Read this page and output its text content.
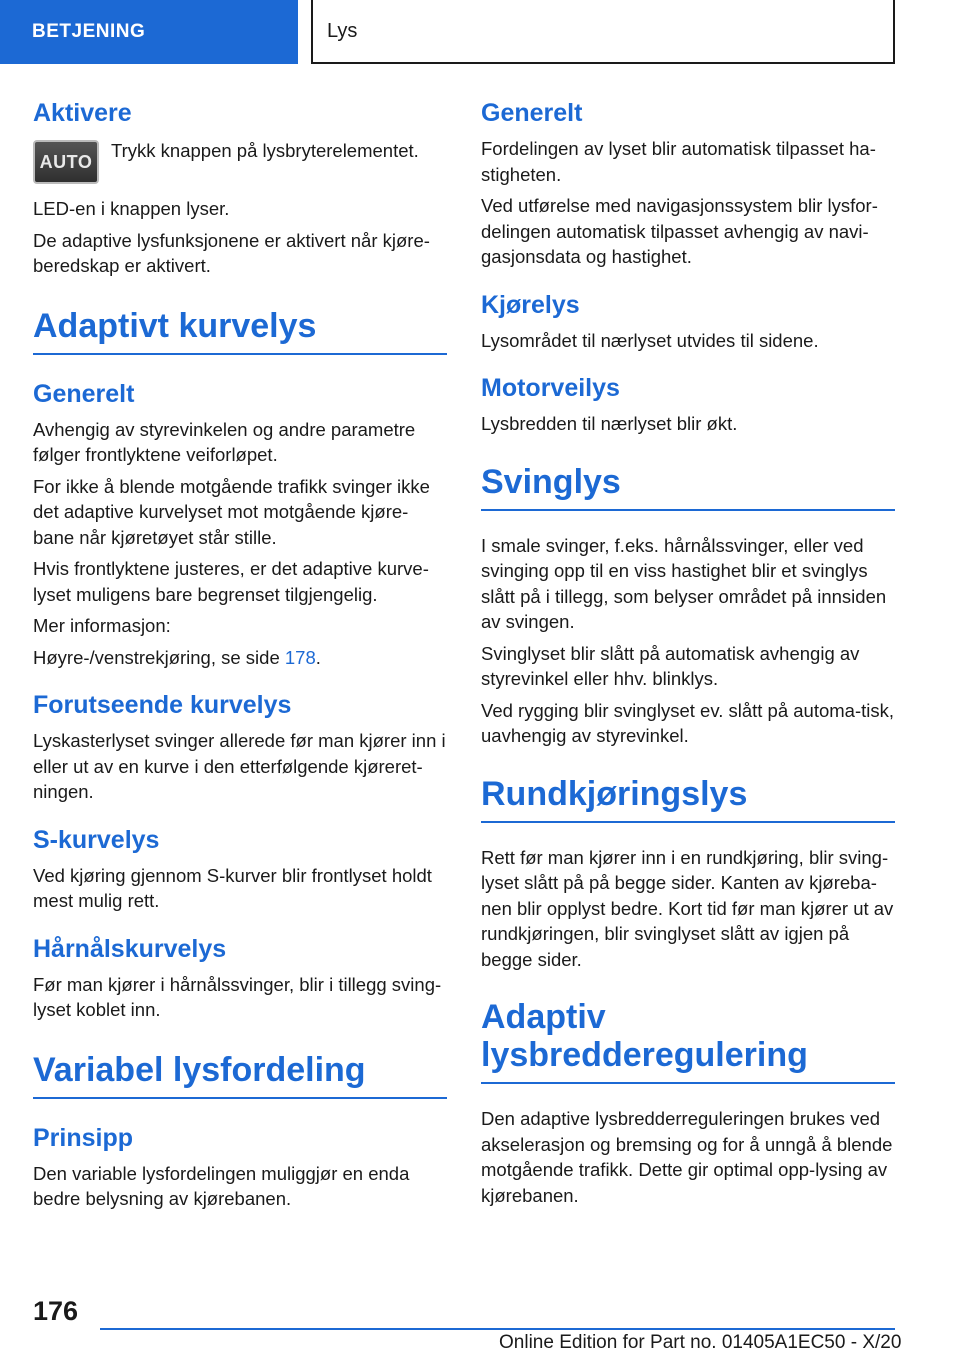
BETJENING	Lys
Aktivere
AUTO

Trykk knappen på lysbryterelementet.

LED-en i knappen lyser.

De adaptive lysfunksjonene er aktivert når kjøre-beredskap er aktivert.

Adaptivt kurvelys
Generelt

Avhengig av styrevinkelen og andre parametre følger frontlyktene veiforløpet.

For ikke å blende motgående trafikk svinger ikke det adaptive kurvelyset mot motgående kjøre-bane når kjøretøyet står stille.

Hvis frontlyktene justeres, er det adaptive kurve-lyset muligens bare begrenset tilgjengelig.

Mer informasjon:

Høyre-/venstrekjøring, se side 178.

Forutseende kurvelys

Lyskasterlyset svinger allerede før man kjører inn i eller ut av en kurve i den etterfølgende kjøreret-ningen.

S-kurvelys

Ved kjøring gjennom S-kurver blir frontlyset holdt mest mulig rett.

Hårnålskurvelys

Før man kjører i hårnålssvinger, blir i tillegg sving-lyset koblet inn.

Variabel lysfordeling
Prinsipp

Den variable lysfordelingen muliggjør en enda bedre belysning av kjørebanen.

Generelt

Fordelingen av lyset blir automatisk tilpasset ha-stigheten.

Ved utførelse med navigasjonssystem blir lysfor-delingen automatisk tilpasset avhengig av navi-gasjonsdata og hastighet.

Kjørelys

Lysområdet til nærlyset utvides til sidene.

Motorveilys

Lysbredden til nærlyset blir økt.

Svinglys

I smale svinger, f.eks. hårnålssvinger, eller ved svinging opp til en viss hastighet blir et svinglys slått på i tillegg, som belyser området på innsiden av svingen.

Svinglyset blir slått på automatisk avhengig av styrevinkel eller hhv. blinklys.

Ved rygging blir svinglyset ev. slått på automa-tisk, uavhengig av styrevinkel.

Rundkjøringslys

Rett før man kjører inn i en rundkjøring, blir sving-lyset slått på på begge sider. Kanten av kjøreba-nen blir opplyst bedre. Kort tid før man kjører ut av rundkjøringen, blir svinglyset slått av igjen på begge sider.

Adaptiv
lysbredderegulering

Den adaptive lysbredderreguleringen brukes ved akselerasjon og bremsing og for å unngå å blende motgående trafikk. Dette gir optimal opp-lysing av kjørebanen.

176
Online Edition for Part no. 01405A1EC50 - X/20
